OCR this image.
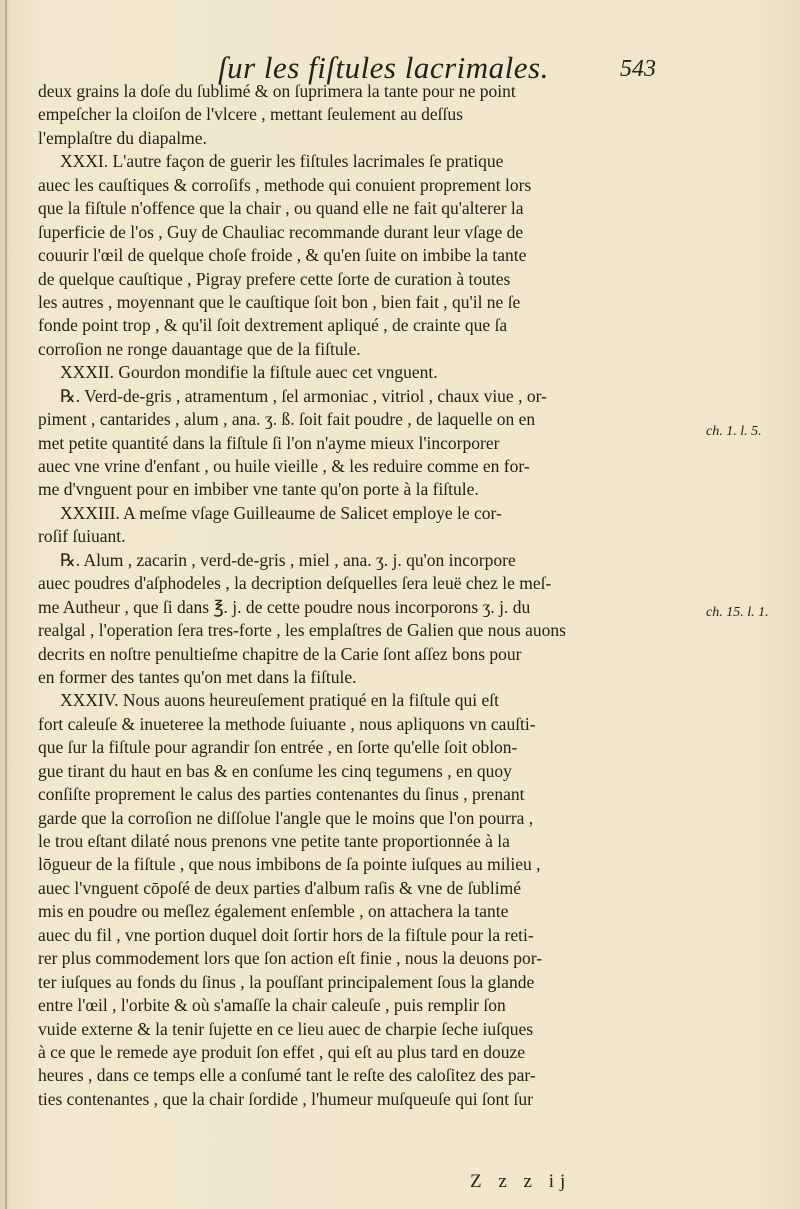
ſur les fiſtules lacrimales.	543
deux grains la doſe du ſublimé & on ſuprimera la tante pour ne point
empeſcher la cloiſon de l'vlcere , mettant ſeulement au deſſus
l'emplaſtre du diapalme.
XXXI. L'autre façon de guerir les fiſtules lacrimales ſe pratique
auec les cauſtiques & corroſifs , methode qui conuient proprement lors
que la fiſtule n'offence que la chair , ou quand elle ne fait qu'alterer la
ſuperficie de l'os , Guy de Chauliac recommande durant leur vſage de
couurir l'œil de quelque choſe froide , & qu'en ſuite on imbibe la tante
de quelque cauſtique , Pigray prefere cette ſorte de curation à toutes
les autres , moyennant que le cauſtique ſoit bon , bien fait , qu'il ne ſe
fonde point trop , & qu'il ſoit dextrement apliqué , de crainte que ſa
corroſion ne ronge dauantage que de la fiſtule.
XXXII. Gourdon mondifie la fiſtule auec cet vnguent.
℞. Verd-de-gris , atramentum , ſel armoniac , vitriol , chaux viue , or-
piment , cantarides , alum , ana. ʒ. ß. ſoit fait poudre , de laquelle on en
met petite quantité dans la fiſtule ſi l'on n'ayme mieux l'incorporer
auec vne vrine d'enfant , ou huile vieille , & les reduire comme en for-
me d'vnguent pour en imbiber vne tante qu'on porte à la fiſtule.
XXXIII. A meſme vſage Guilleaume de Salicet employe le cor-
roſif ſuiuant.
℞. Alum , zacarin , verd-de-gris , miel , ana. ʒ. j. qu'on incorpore
auec poudres d'aſphodeles , la decription deſquelles ſera leuë chez le meſ-
me Autheur , que ſi dans ℥. j. de cette poudre nous incorporons ʒ. j. du
realgal , l'operation ſera tres-forte , les emplaſtres de Galien que nous auons
decrits en noſtre penultieſme chapitre de la Carie ſont aſſez bons pour
en former des tantes qu'on met dans la fiſtule.
XXXIV. Nous auons heureuſement pratiqué en la fiſtule qui eſt
fort caleuſe & inueteree la methode ſuiuante , nous apliquons vn cauſti-
que ſur la fiſtule pour agrandir ſon entrée , en ſorte qu'elle ſoit oblon-
gue tirant du haut en bas & en conſume les cinq tegumens , en quoy
conſiſte proprement le calus des parties contenantes du ſinus , prenant
garde que la corroſion ne diſſolue l'angle que le moins que l'on pourra ,
le trou eſtant dilaté nous prenons vne petite tante proportionnée à la
lōgueur de la fiſtule , que nous imbibons de ſa pointe iuſques au milieu ,
auec l'vnguent cōpoſé de deux parties d'album raſis & vne de ſublimé
mis en poudre ou meſlez également enſemble , on attachera la tante
auec du fil , vne portion duquel doit ſortir hors de la fiſtule pour la reti-
rer plus commodement lors que ſon action eſt finie , nous la deuons por-
ter iuſques au fonds du ſinus , la pouſſant principalement ſous la glande
entre l'œil , l'orbite & où s'amaſſe la chair caleuſe , puis remplir ſon
vuide externe & la tenir ſujette en ce lieu auec de charpie ſeche iuſques
à ce que le remede aye produit ſon effet , qui eſt au plus tard en douze
heures , dans ce temps elle a conſumé tant le reſte des caloſitez des par-
ties contenantes , que la chair ſordide , l'humeur muſqueuſe qui ſont ſur
ch. 1. l. 5.
ch. 15. l. 1.
Z z z ij
